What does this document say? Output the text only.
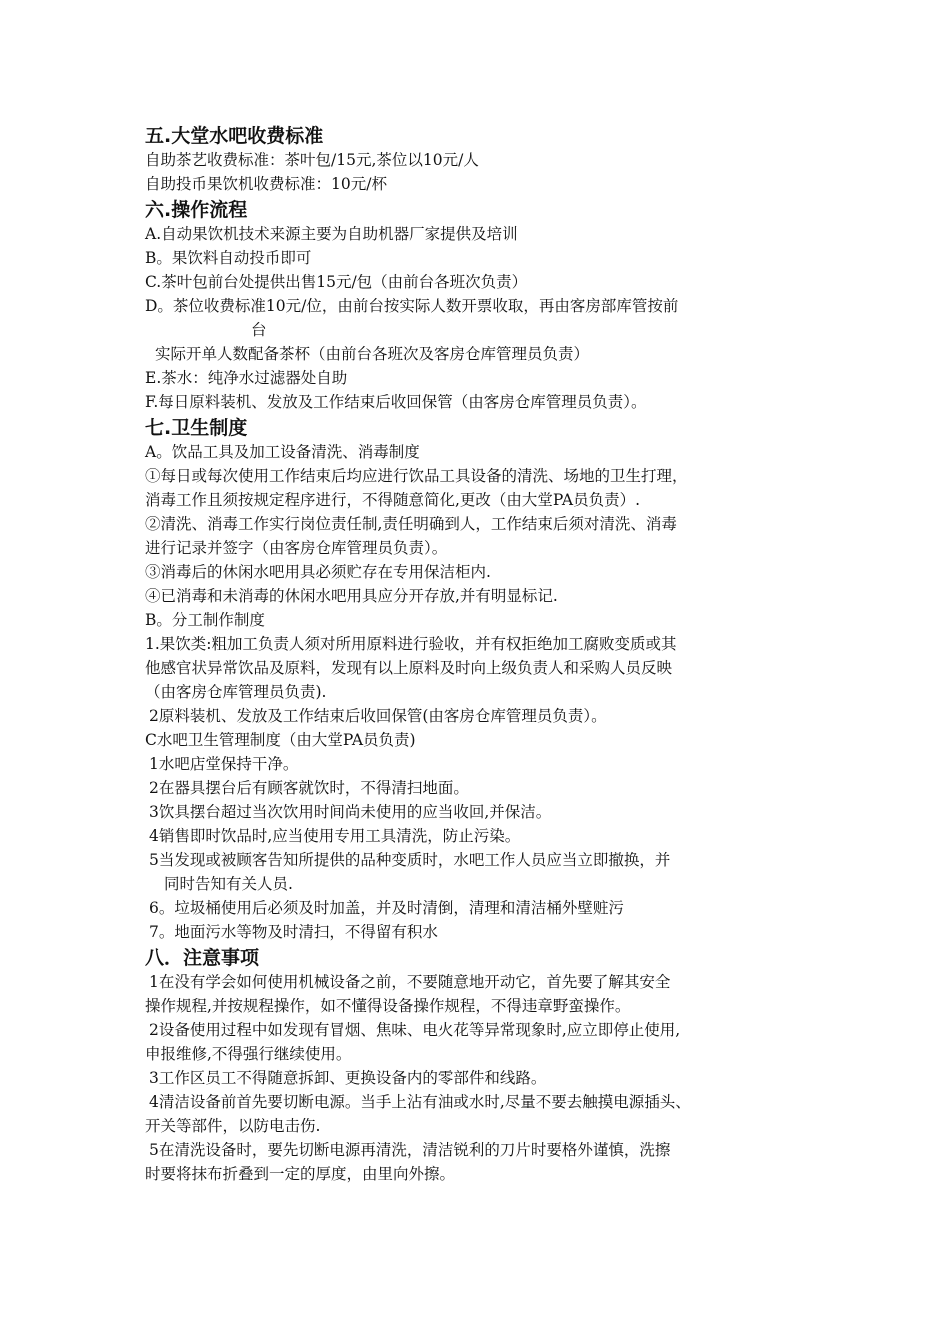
五.大堂水吧收费标准

自助茶艺收费标准：茶叶包/15元,茶位以10元/人

自助投币果饮机收费标准：10元/杯

六.操作流程

A.自动果饮机技术来源主要为自助机器厂家提供及培训

B。果饮料自动投币即可

C.茶叶包前台处提供出售15元/包（由前台各班次负责）

D。茶位收费标准10元/位，由前台按实际人数开票收取，再由客房部库管按前

台

实际开单人数配备茶杯（由前台各班次及客房仓库管理员负责）

E.茶水：纯净水过滤器处自助

F.每日原料装机、发放及工作结束后收回保管（由客房仓库管理员负责）。

七.卫生制度

A。饮品工具及加工设备清洗、消毒制度

①每日或每次使用工作结束后均应进行饮品工具设备的清洗、场地的卫生打理，

消毒工作且须按规定程序进行，不得随意简化,更改（由大堂PA员负责）.

②清洗、消毒工作实行岗位责任制,责任明确到人，工作结束后须对清洗、消毒

进行记录并签字（由客房仓库管理员负责）。

③消毒后的休闲水吧用具必须贮存在专用保洁柜内.

④已消毒和未消毒的休闲水吧用具应分开存放,并有明显标记.

B。分工制作制度

1.果饮类:粗加工负责人须对所用原料进行验收，并有权拒绝加工腐败变质或其

他感官状异常饮品及原料，发现有以上原料及时向上级负责人和采购人员反映

（由客房仓库管理员负责).

2原料装机、发放及工作结束后收回保管(由客房仓库管理员负责）。

C水吧卫生管理制度（由大堂PA员负责)

1水吧店堂保持干净。

2在器具摆台后有顾客就饮时，不得清扫地面。

3饮具摆台超过当次饮用时间尚未使用的应当收回,并保洁。

4销售即时饮品时,应当使用专用工具清洗，防止污染。

5当发现或被顾客告知所提供的品种变质时，水吧工作人员应当立即撤换，并

同时告知有关人员.

6。垃圾桶使用后必须及时加盖，并及时清倒，清理和清洁桶外壁赃污

7。地面污水等物及时清扫，不得留有积水

八．注意事项

1在没有学会如何使用机械设备之前，不要随意地开动它，首先要了解其安全

操作规程,并按规程操作，如不懂得设备操作规程，不得违章野蛮操作。

2设备使用过程中如发现有冒烟、焦味、电火花等异常现象时,应立即停止使用,

申报维修,不得强行继续使用。

3工作区员工不得随意拆卸、更换设备内的零部件和线路。

4清洁设备前首先要切断电源。当手上沾有油或水时,尽量不要去触摸电源插头、

开关等部件，以防电击伤.

5在清洗设备时，要先切断电源再清洗，清洁锐利的刀片时要格外谨慎，洗擦

时要将抹布折叠到一定的厚度，由里向外擦。
